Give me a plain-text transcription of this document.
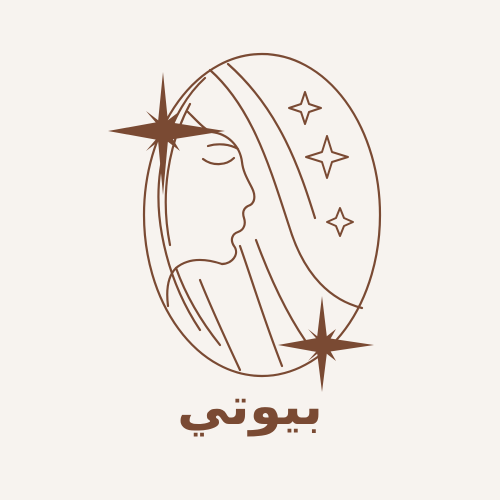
بيوتي
